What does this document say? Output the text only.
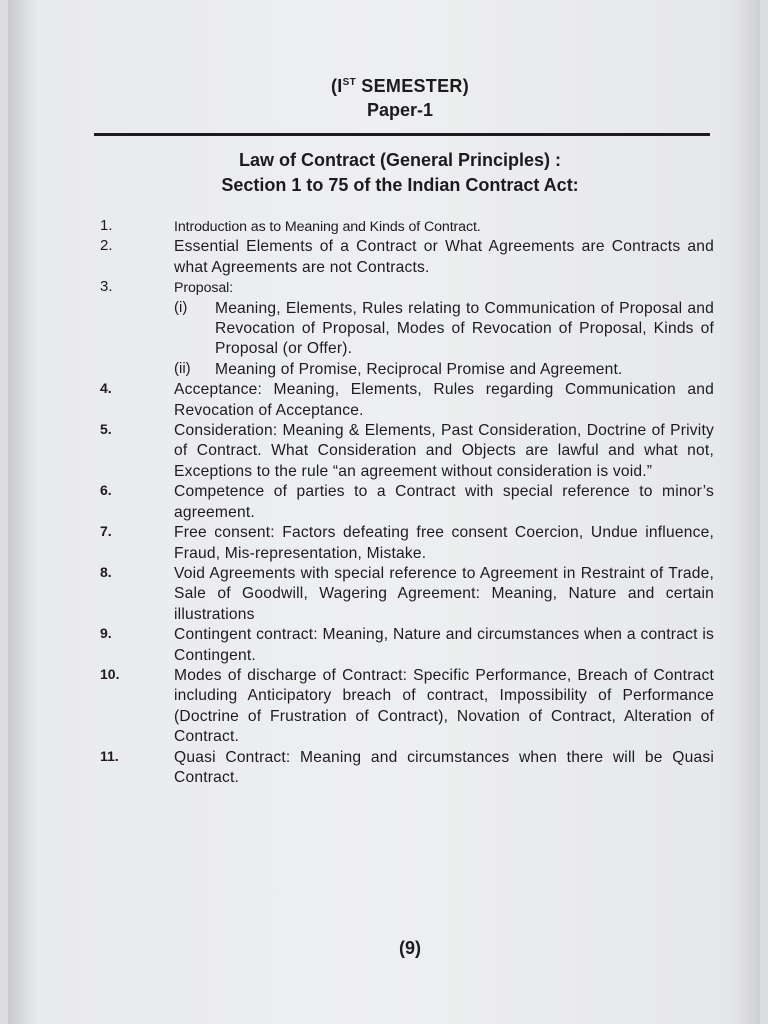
(IST SEMESTER)
Paper-1
Law of Contract (General Principles) :
Section 1 to 75 of the Indian Contract Act:
1.	Introduction as to Meaning and Kinds of Contract.
2.	Essential Elements of a Contract or What Agreements are Contracts and what Agreements are not Contracts.
3.	Proposal:
(i)	Meaning, Elements, Rules relating to Communication of Proposal and Revocation of Proposal, Modes of Revocation of Proposal, Kinds of Proposal (or Offer).
(ii)	Meaning of Promise, Reciprocal Promise and Agreement.
4.	Acceptance: Meaning, Elements, Rules regarding Communication and Revocation of Acceptance.
5.	Consideration: Meaning & Elements, Past Consideration, Doctrine of Privity of Contract. What Consideration and Objects are lawful and what not, Exceptions to the rule “an agreement without consideration is void.”
6.	Competence of parties to a Contract with special reference to minor’s agreement.
7.	Free consent: Factors defeating free consent Coercion, Undue influence, Fraud, Mis-representation, Mistake.
8.	Void Agreements with special reference to Agreement in Restraint of Trade, Sale of Goodwill, Wagering Agreement: Meaning, Nature and certain illustrations
9.	Contingent contract: Meaning, Nature and circumstances when a contract is Contingent.
10.	Modes of discharge of Contract: Specific Performance, Breach of Contract including Anticipatory breach of contract, Impossibility of Performance (Doctrine of Frustration of Contract), Novation of Contract, Alteration of Contract.
11.	Quasi Contract: Meaning and circumstances when there will be Quasi Contract.
(9)
